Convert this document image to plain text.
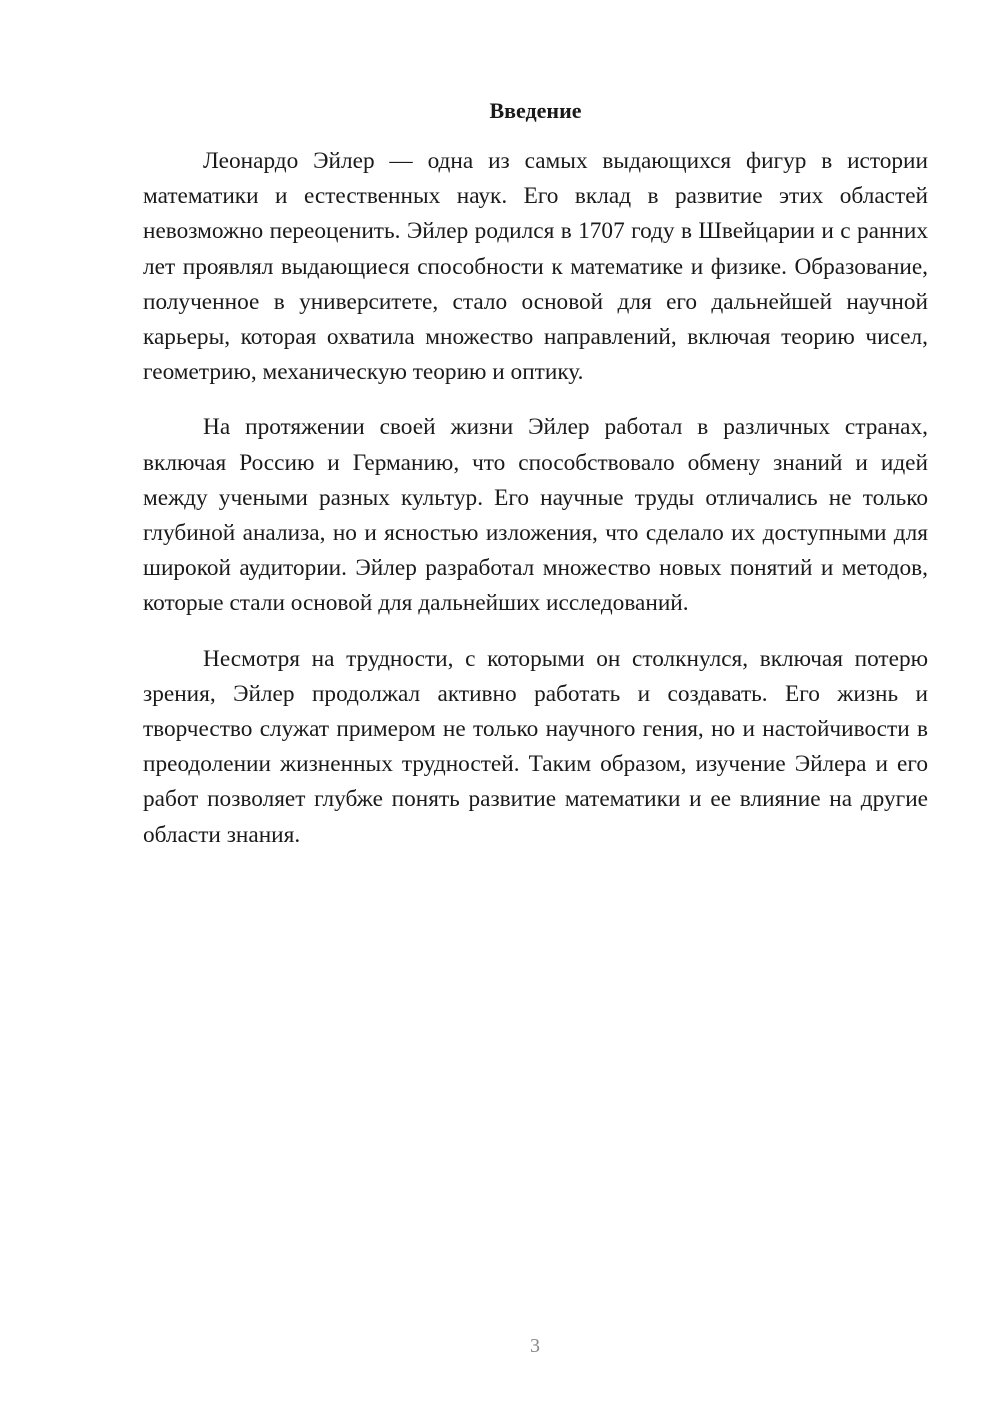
Введение

Леонардо Эйлер — одна из самых выдающихся фигур в истории математики и естественных наук. Его вклад в развитие этих областей невозможно переоценить. Эйлер родился в 1707 году в Швейцарии и с ранних лет проявлял выдающиеся способности к математике и физике. Образование, полученное в университете, стало основой для его дальнейшей научной карьеры, которая охватила множество направлений, включая теорию чисел, геометрию, механическую теорию и оптику.

На протяжении своей жизни Эйлер работал в различных странах, включая Россию и Германию, что способствовало обмену знаний и идей между учеными разных культур. Его научные труды отличались не только глубиной анализа, но и ясностью изложения, что сделало их доступными для широкой аудитории. Эйлер разработал множество новых понятий и методов, которые стали основой для дальнейших исследований.

Несмотря на трудности, с которыми он столкнулся, включая потерю зрения, Эйлер продолжал активно работать и создавать. Его жизнь и творчество служат примером не только научного гения, но и настойчивости в преодолении жизненных трудностей. Таким образом, изучение Эйлера и его работ позволяет глубже понять развитие математики и ее влияние на другие области знания.

3
